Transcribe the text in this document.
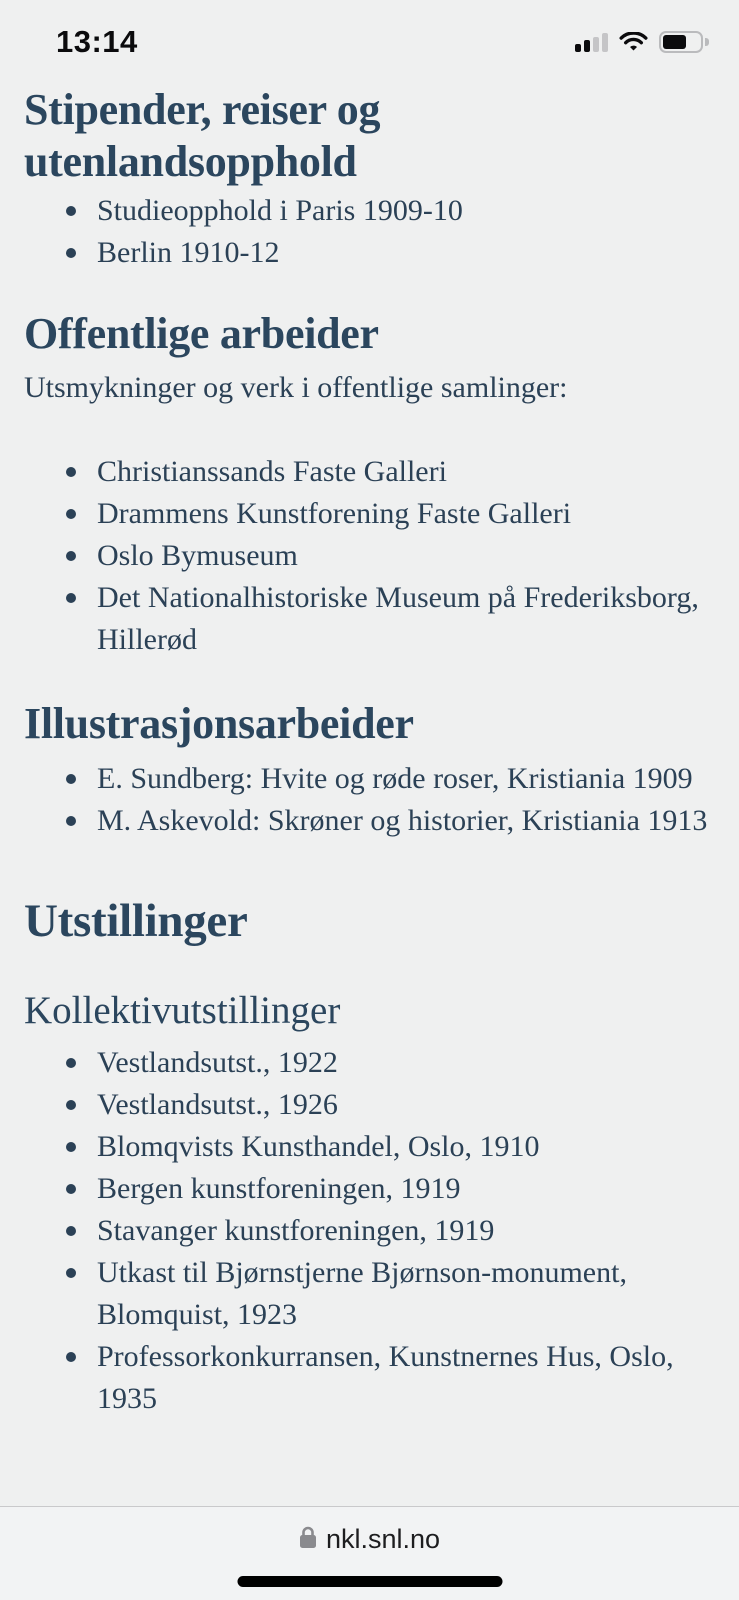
13:14
Stipender, reiser og utenlandsopphold
Studieopphold i Paris 1909-10
Berlin 1910-12
Offentlige arbeider

Utsmykninger og verk i offentlige samlinger:

Christianssands Faste Galleri
Drammens Kunstforening Faste Galleri
Oslo Bymuseum
Det Nationalhistoriske Museum på Frederiksborg, Hillerød
Illustrasjonsarbeider
E. Sundberg: Hvite og røde roser, Kristiania 1909
M. Askevold: Skrøner og historier, Kristiania 1913
Utstillinger
Kollektivutstillinger
Vestlandsutst., 1922
Vestlandsutst., 1926
Blomqvists Kunsthandel, Oslo, 1910
Bergen kunstforeningen, 1919
Stavanger kunstforeningen, 1919
Utkast til Bjørnstjerne Bjørnson-monument, Blomquist, 1923
Professorkonkurransen, Kunstnernes Hus, Oslo, 1935
nkl.snl.no
